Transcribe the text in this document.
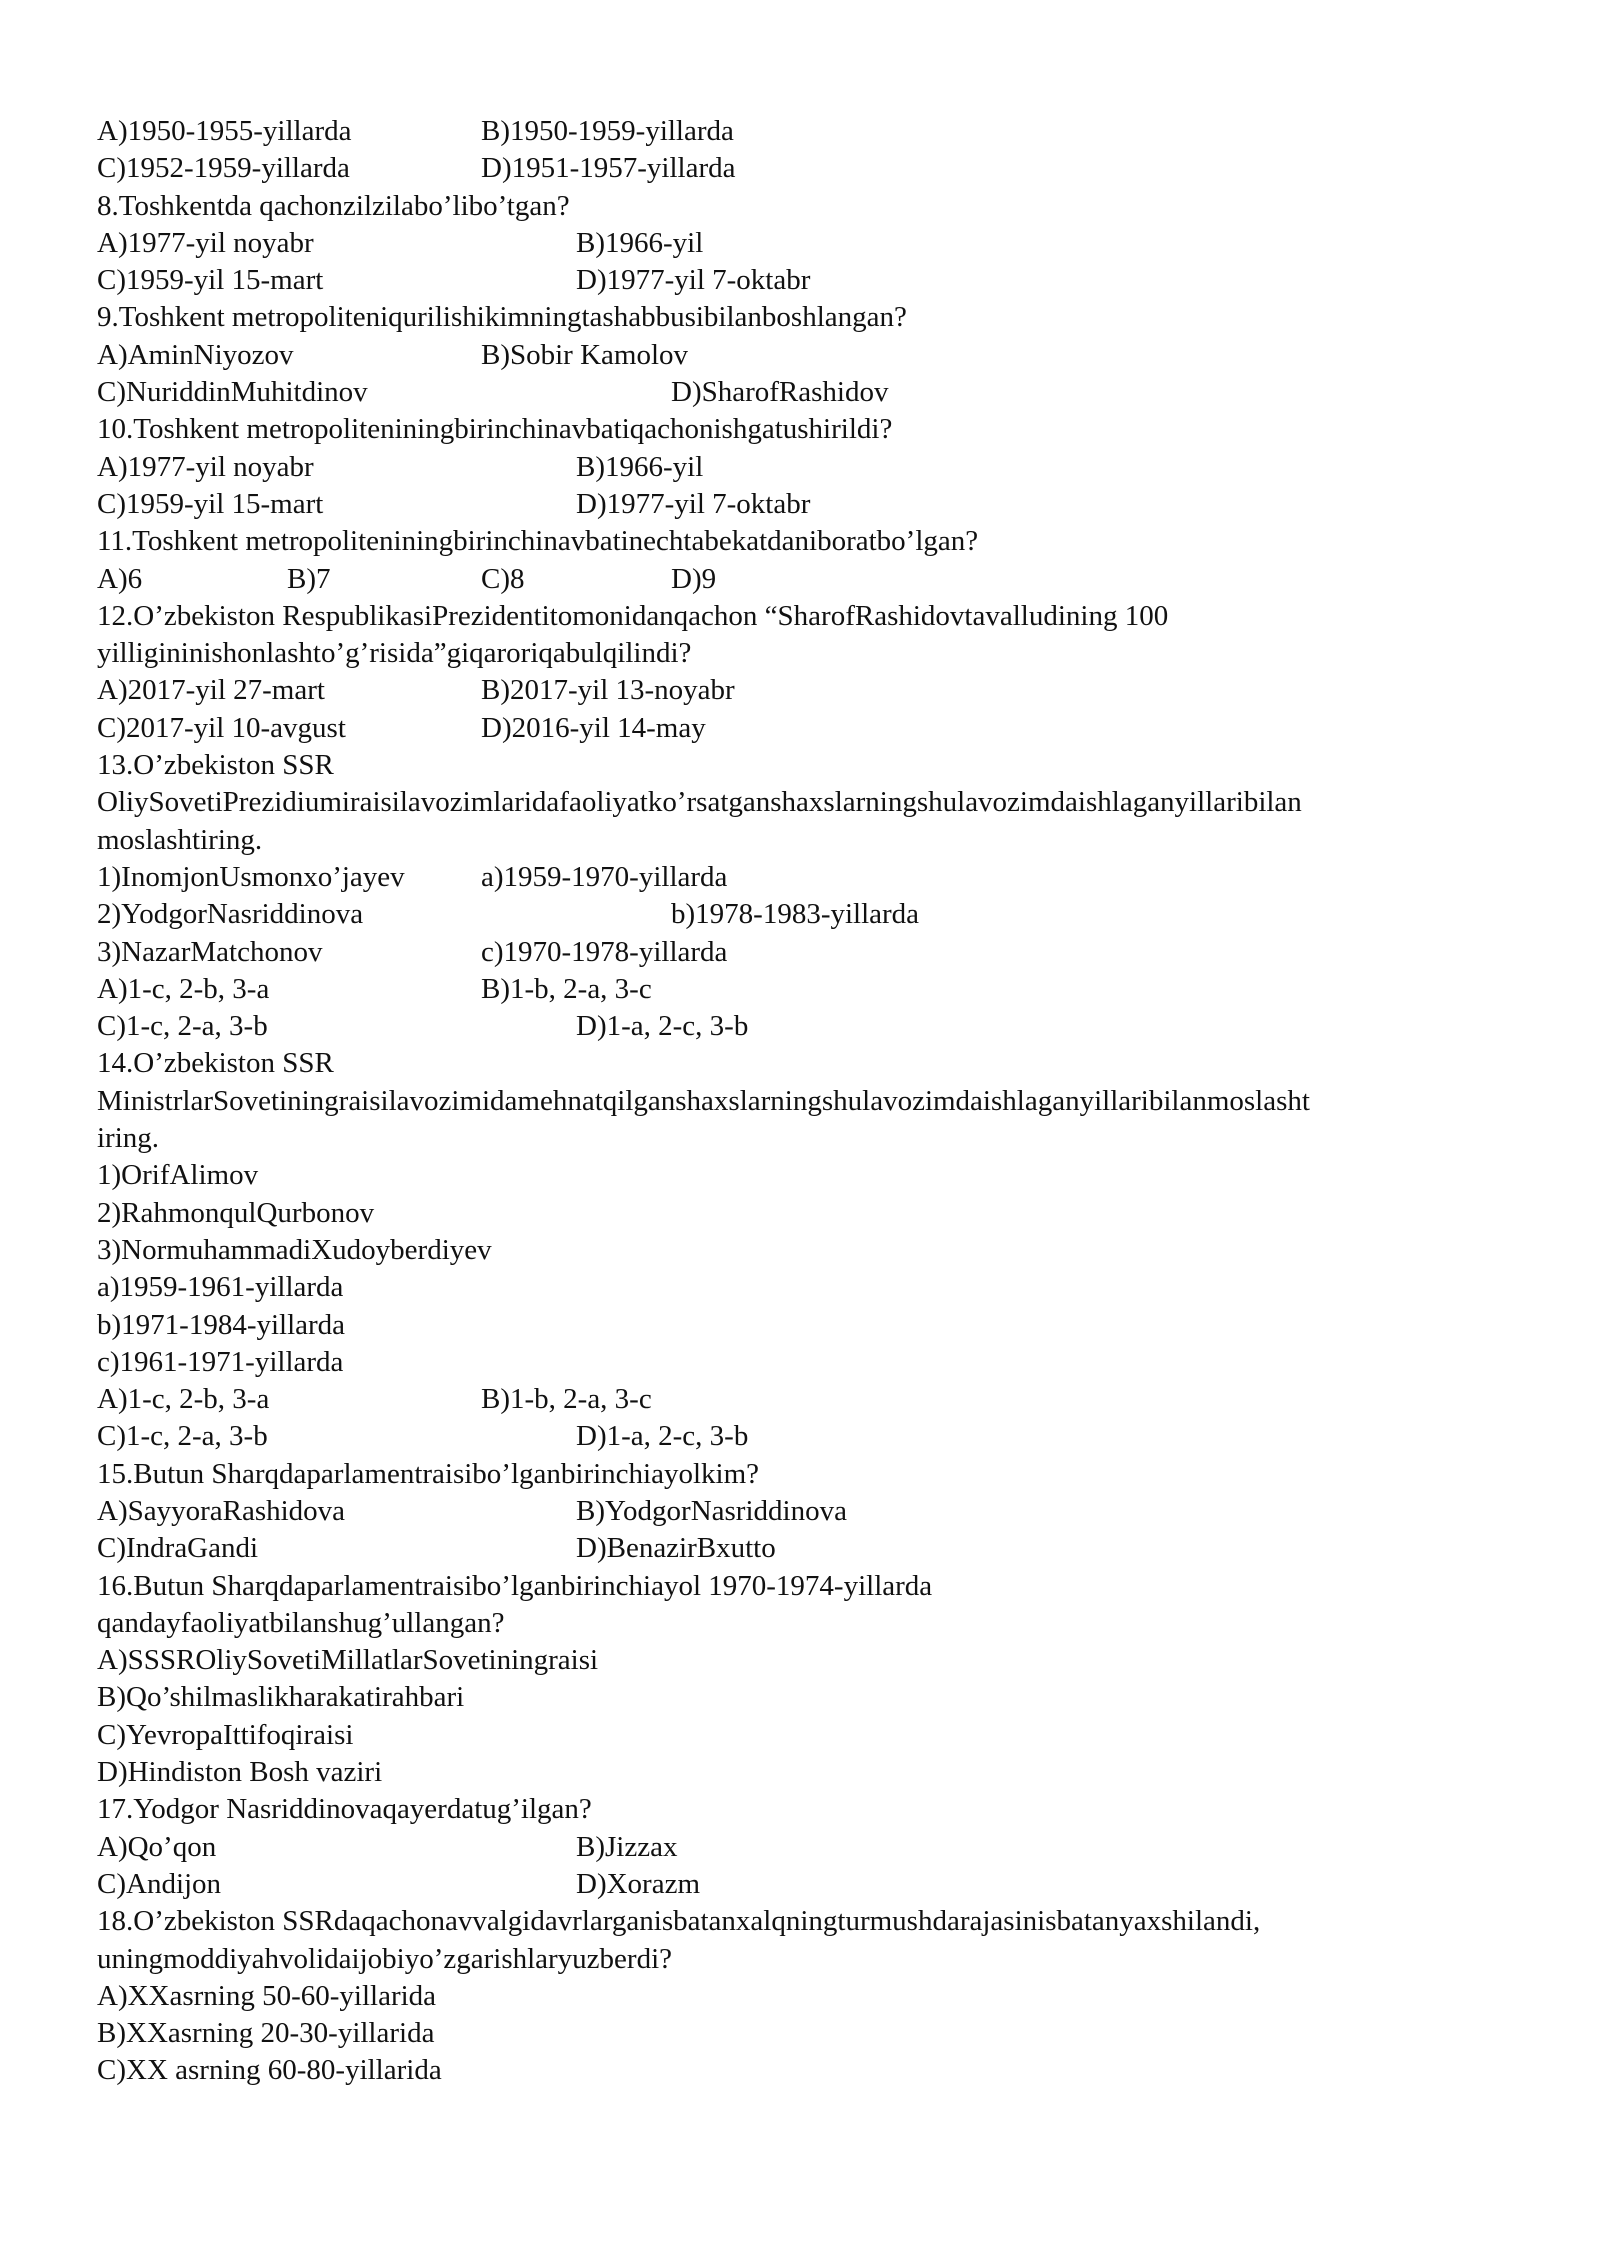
A)1950-1955-yillarda	B)1950-1959-yillarda
C)1952-1959-yillarda	D)1951-1957-yillarda
8.Toshkentda qachonzilzilabo’libo’tgan?
A)1977-yil noyabr	B)1966-yil
C)1959-yil 15-mart	D)1977-yil 7-oktabr
9.Toshkent metropoliteniqurilishikimningtashabbusibilanboshlangan?
A)AminNiyozov	B)Sobir Kamolov
C)NuriddinMuhitdinov	D)SharofRashidov
10.Toshkent metropoliteniningbirinchinavbatiqachonishgatushirildi?
A)1977-yil noyabr	B)1966-yil
C)1959-yil 15-mart	D)1977-yil 7-oktabr
11.Toshkent metropoliteniningbirinchinavbatinechtabekatdaniboratbo’lgan?
A)6	B)7	C)8	D)9
12.O’zbekiston RespublikasiPrezidentitomonidanqachon “SharofRashidovtavalludining 100
yilligininishonlashto’g’risida”giqaroriqabulqilindi?
A)2017-yil 27-mart	B)2017-yil 13-noyabr
C)2017-yil 10-avgust	D)2016-yil 14-may
13.O’zbekiston SSR
OliySovetiPrezidiumiraisilavozimlaridafaoliyatko’rsatganshaxslarningshulavozimdaishlaganyillaribilan
moslashtiring.
1)InomjonUsmonxo’jayev	a)1959-1970-yillarda
2)YodgorNasriddinova	b)1978-1983-yillarda
3)NazarMatchonov	c)1970-1978-yillarda
A)1-c, 2-b, 3-a	B)1-b, 2-a, 3-c
C)1-c, 2-a, 3-b	D)1-a, 2-c, 3-b
14.O’zbekiston SSR
MinistrlarSovetiningraisilavozimidamehnatqilganshaxslarningshulavozimdaishlaganyillaribilanmoslasht
iring.
1)OrifAlimov
2)RahmonqulQurbonov
3)NormuhammadiXudoyberdiyev
a)1959-1961-yillarda
b)1971-1984-yillarda
c)1961-1971-yillarda
A)1-c, 2-b, 3-a	B)1-b, 2-a, 3-c
C)1-c, 2-a, 3-b	D)1-a, 2-c, 3-b
15.Butun Sharqdaparlamentraisibo’lganbirinchiayolkim?
A)SayyoraRashidova	B)YodgorNasriddinova
C)IndraGandi	D)BenazirBxutto
16.Butun Sharqdaparlamentraisibo’lganbirinchiayol 1970-1974-yillarda
qandayfaoliyatbilanshug’ullangan?
A)SSSROliySovetiMillatlarSovetiningraisi
B)Qo’shilmaslikharakatirahbari
C)YevropaIttifoqiraisi
D)Hindiston Bosh vaziri
17.Yodgor Nasriddinovaqayerdatug’ilgan?
A)Qo’qon	B)Jizzax
C)Andijon	D)Xorazm
18.O’zbekiston SSRdaqachonavvalgidavrlarganisbatanxalqningturmushdarajasinisbatanyaxshilandi,
uningmoddiyahvolidaijobiyo’zgarishlaryuzberdi?
A)XXasrning 50-60-yillarida
B)XXasrning 20-30-yillarida
C)XX asrning 60-80-yillarida
